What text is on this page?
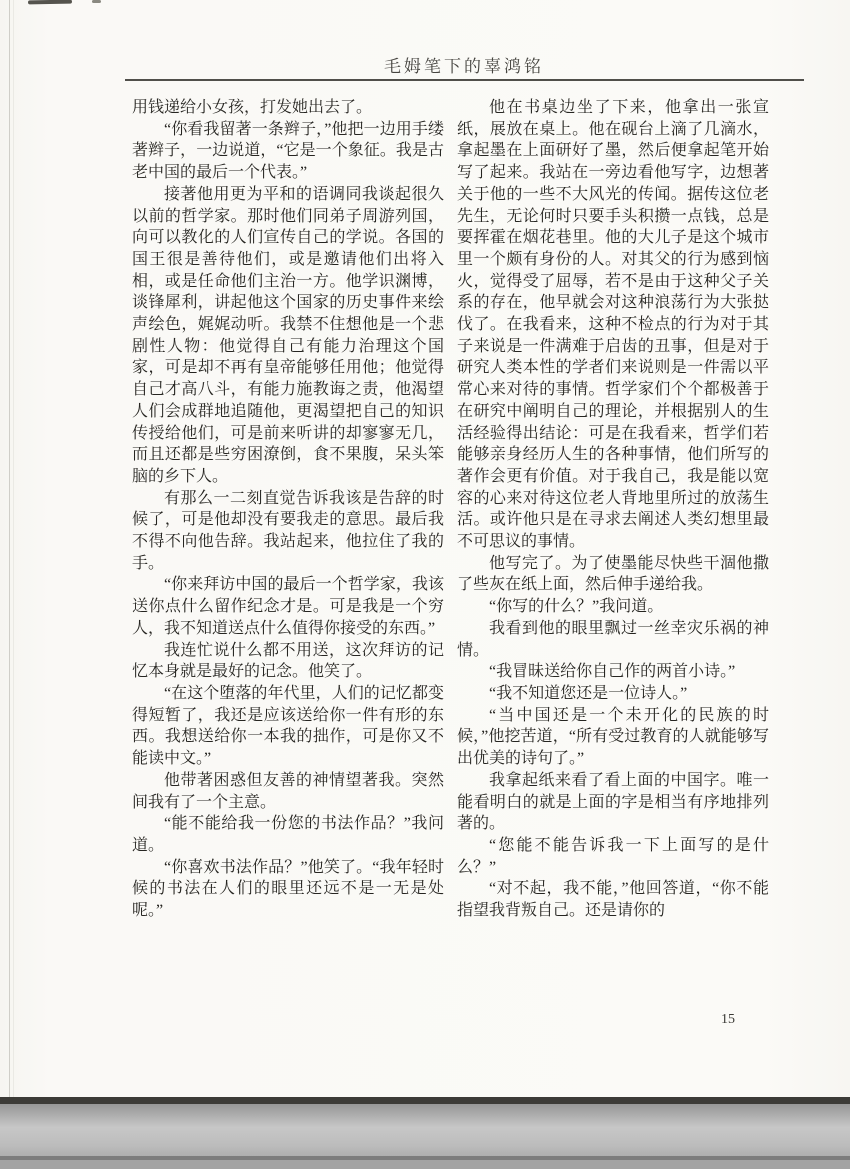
毛姆笔下的辜鸿铭

用钱递给小女孩，打发她出去了。

“你看我留著一条辫子，”他把一边用手缕著辫子，一边说道，“它是一个象征。我是古老中国的最后一个代表。”

接著他用更为平和的语调同我谈起很久以前的哲学家。那时他们同弟子周游列国，向可以教化的人们宣传自己的学说。各国的国王很是善待他们，或是邀请他们出将入相，或是任命他们主治一方。他学识渊博，谈锋犀利，讲起他这个国家的历史事件来绘声绘色，娓娓动听。我禁不住想他是一个悲剧性人物：他觉得自己有能力治理这个国家，可是却不再有皇帝能够任用他；他觉得自己才高八斗，有能力施教诲之责，他渴望人们会成群地追随他，更渴望把自己的知识传授给他们，可是前来听讲的却寥寥无几，而且还都是些穷困潦倒，食不果腹，呆头笨脑的乡下人。

有那么一二刻直觉告诉我该是告辞的时候了，可是他却没有要我走的意思。最后我不得不向他告辞。我站起来，他拉住了我的手。

“你来拜访中国的最后一个哲学家，我该送你点什么留作纪念才是。可是我是一个穷人，我不知道送点什么值得你接受的东西。”

我连忙说什么都不用送，这次拜访的记忆本身就是最好的记念。他笑了。

“在这个堕落的年代里，人们的记忆都变得短暂了，我还是应该送给你一件有形的东西。我想送给你一本我的拙作，可是你又不能读中文。”

他带著困惑但友善的神情望著我。突然间我有了一个主意。

“能不能给我一份您的书法作品？”我问道。

“你喜欢书法作品？”他笑了。“我年轻时候的书法在人们的眼里还远不是一无是处呢。”

他在书桌边坐了下来，他拿出一张宣纸，展放在桌上。他在砚台上滴了几滴水，拿起墨在上面研好了墨，然后便拿起笔开始写了起来。我站在一旁边看他写字，边想著关于他的一些不大风光的传闻。据传这位老先生，无论何时只要手头积攒一点钱，总是要挥霍在烟花巷里。他的大儿子是这个城市里一个颇有身份的人。对其父的行为感到恼火，觉得受了屈辱，若不是由于这种父子关系的存在，他早就会对这种浪荡行为大张挞伐了。在我看来，这种不检点的行为对于其子来说是一件满难于启齿的丑事，但是对于研究人类本性的学者们来说则是一件需以平常心来对待的事情。哲学家们个个都极善于在研究中阐明自己的理论，并根据别人的生活经验得出结论：可是在我看来，哲学们若能够亲身经历人生的各种事情，他们所写的著作会更有价值。对于我自己，我是能以宽容的心来对待这位老人背地里所过的放荡生活。或许他只是在寻求去阐述人类幻想里最不可思议的事情。

他写完了。为了使墨能尽快些干涸他撒了些灰在纸上面，然后伸手递给我。

“你写的什么？”我问道。

我看到他的眼里飘过一丝幸灾乐祸的神情。

“我冒昧送给你自己作的两首小诗。”

“我不知道您还是一位诗人。”

“当中国还是一个未开化的民族的时候，”他挖苦道，“所有受过教育的人就能够写出优美的诗句了。”

我拿起纸来看了看上面的中国字。唯一能看明白的就是上面的字是相当有序地排列著的。

“您能不能告诉我一下上面写的是什么？”

“对不起，我不能，”他回答道，“你不能指望我背叛自己。还是请你的

15
